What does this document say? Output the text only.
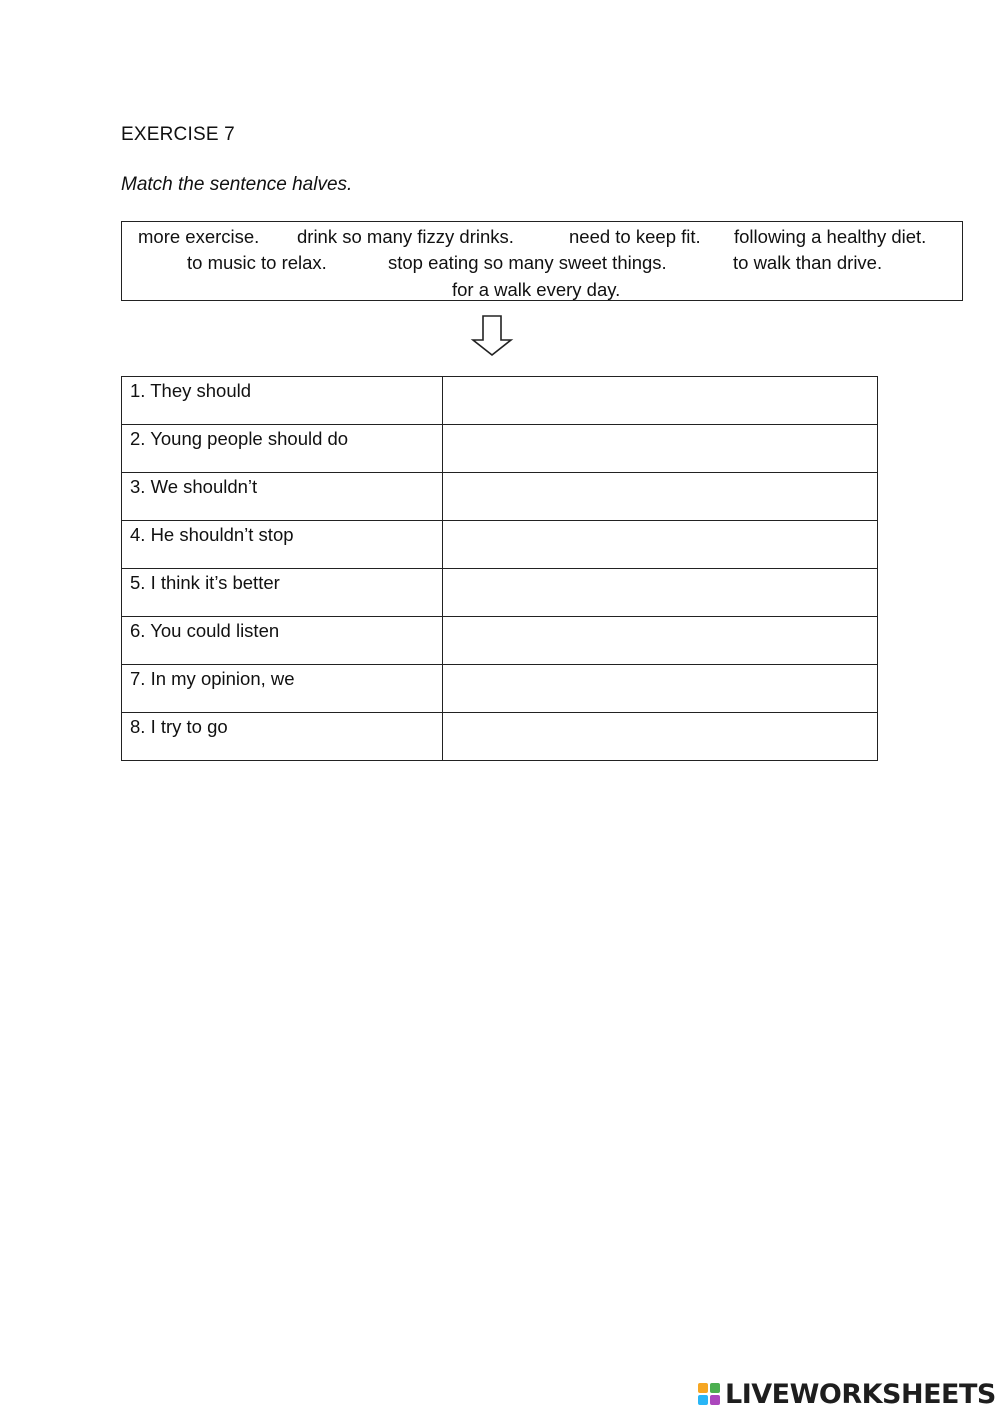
EXERCISE 7
Match the sentence halves.
more exercise. drink so many fizzy drinks.	need to keep fit. following a healthy diet.
to music to relax.	stop eating so many sweet things.	to walk than drive.
for a walk every day.
1. They should	
2. Young people should do	
3. We shouldn’t	
4. He shouldn’t stop	
5. I think it’s better	
6. You could listen	
7. In my opinion, we	
8. I try to go	
LIVEWORKSHEETS
